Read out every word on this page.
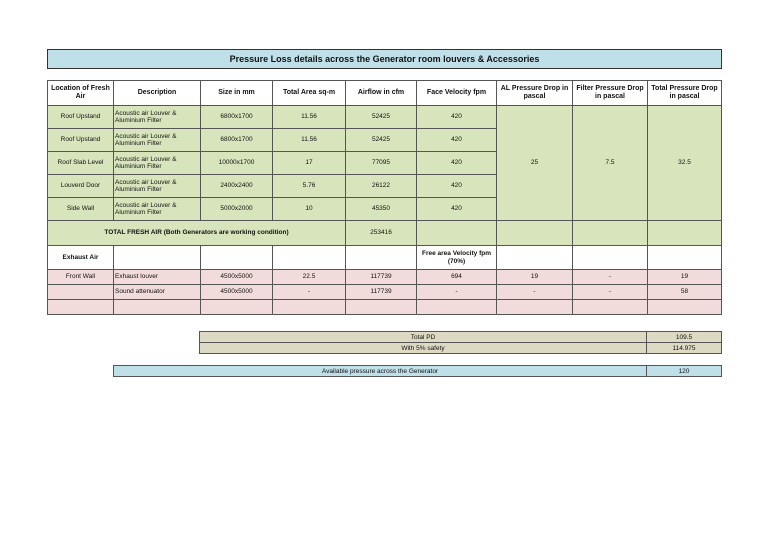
Pressure Loss details across the Generator room louvers & Accessories
Location of Fresh Air	Description	Size in mm	Total Area sq-m	Airflow in cfm	Face Velocity fpm	AL Pressure Drop in pascal	Filter Pressure Drop in pascal	Total Pressure Drop in pascal
Roof Upstand	Acoustic air Louver & Aluminium Filter	6800x1700	11.56	52425	420	25	7.5	32.5
Roof Upstand	Acoustic air Louver & Aluminium Filter	6800x1700	11.56	52425	420			
Roof Slab Level	Acoustic air Louver & Aluminium Filter	10000x1700	17	77095	420			
Louverd Door	Acoustic air Louver & Aluminium Filter	2400x2400	5.76	26122	420			
Side Wall	Acoustic air Louver & Aluminium Filter	5000x2000	10	45350	420			
TOTAL FRESH AIR (Both Generators are working condition)				253416				
Exhaust Air					Free area Velocity fpm (70%)			
Front Wall	Exhaust louver	4500x5000	22.5	117739	694	19	-	19
	Sound attenuator	4500x5000	-	117739	-	-	-	58

Total PD	109.5
With 5% safety	114.975
Available pressure across the Generator	120
